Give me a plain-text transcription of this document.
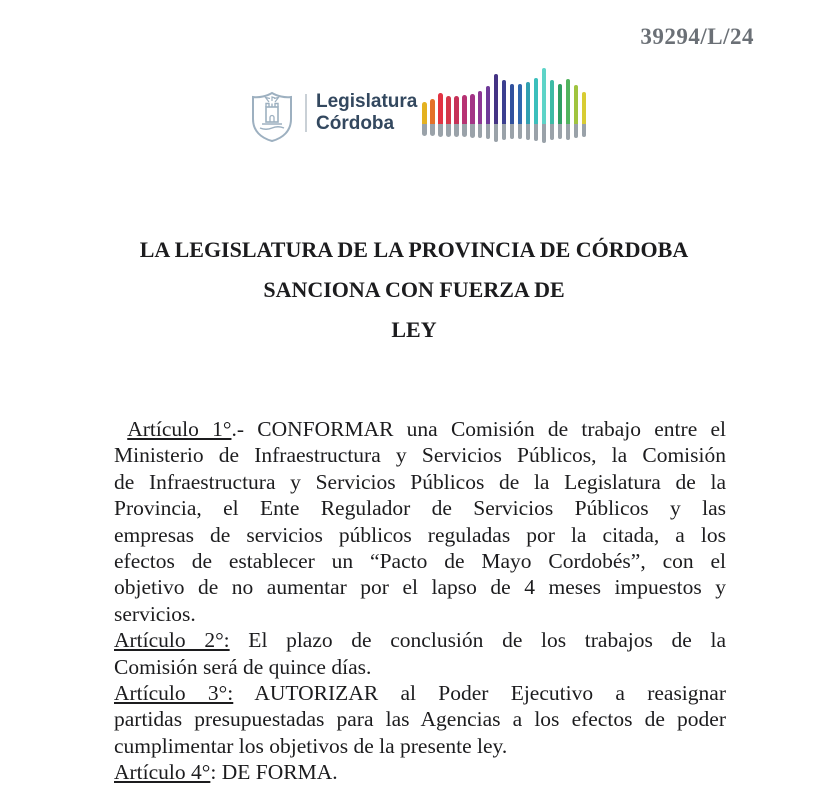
39294/L/24
Legislatura
Córdoba
LA LEGISLATURA DE LA PROVINCIA DE CÓRDOBA
SANCIONA CON FUERZA DE
LEY
Artículo 1°.- CONFORMAR una Comisión de trabajo entre el
Ministerio de Infraestructura y Servicios Públicos, la Comisión
de Infraestructura y Servicios Públicos de la Legislatura de la
Provincia, el Ente Regulador de Servicios Públicos y las
empresas de servicios públicos reguladas por la citada, a los
efectos de establecer un “Pacto de Mayo Cordobés”, con el
objetivo de no aumentar por el lapso de 4 meses impuestos y
servicios.
Artículo 2°: El plazo de conclusión de los trabajos de la
Comisión será de quince días.
Artículo 3°: AUTORIZAR al Poder Ejecutivo a reasignar
partidas presupuestadas para las Agencias a los efectos de poder
cumplimentar los objetivos de la presente ley.
Artículo 4°: DE FORMA.
